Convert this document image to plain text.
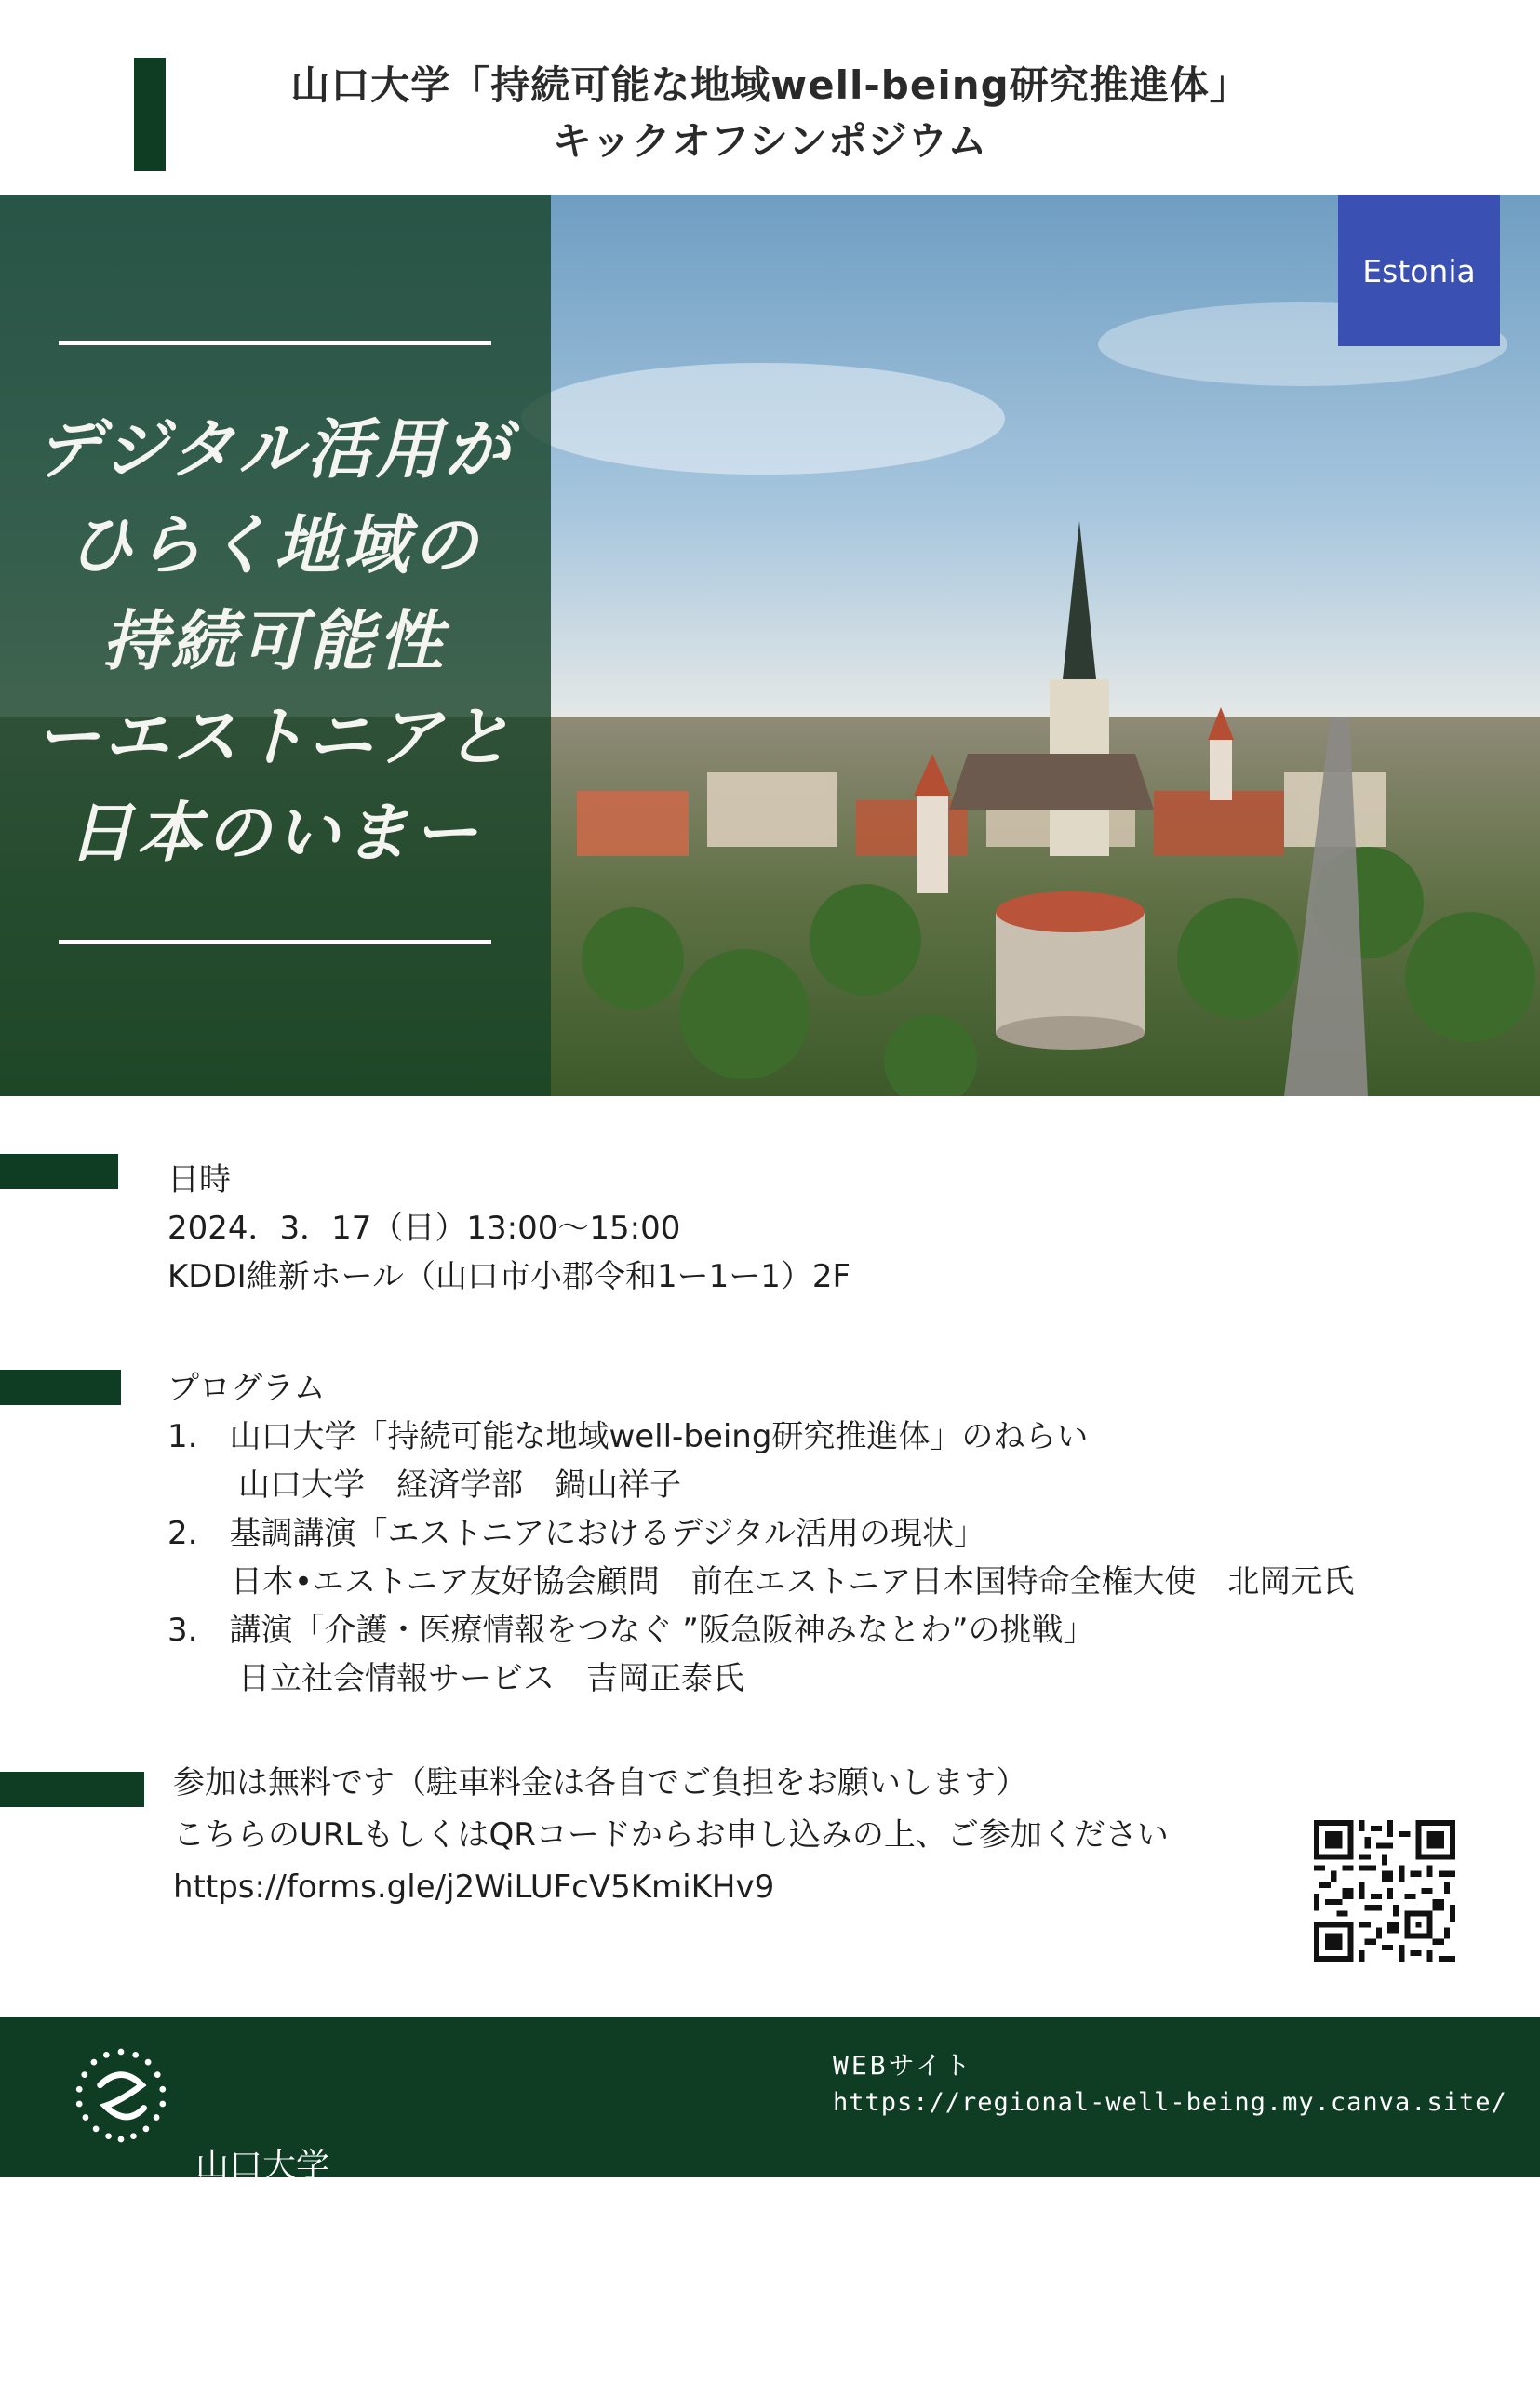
山口大学「持続可能な地域well-being研究推進体」
キックオフシンポジウム
デジタル活用が
ひらく地域の
持続可能性
ーエストニアと
日本のいまー
Estonia
日時
2024．3．17（日）13:00～15:00
KDDI維新ホール（山口市小郡令和1ー1ー1）2F
プログラム
1.　山口大学「持続可能な地域well-being研究推進体」のねらい
山口大学　経済学部　鍋山祥子
2.　基調講演「エストニアにおけるデジタル活用の現状」
日本•エストニア友好協会顧問　前在エストニア日本国特命全権大使　北岡元氏
3.　講演「介護・医療情報をつなぐ ”阪急阪神みなとわ”の挑戦」
日立社会情報サービス　吉岡正泰氏
参加は無料です（駐車料金は各自でご負担をお願いします）
こちらのURLもしくはQRコードからお申し込みの上、ご参加ください
https://forms.gle/j2WiLUFcV5KmiKHv9

山口大学

持続可能な地域well-being研究推進体

WEBサイト
https://regional-well-being.my.canva.site/
